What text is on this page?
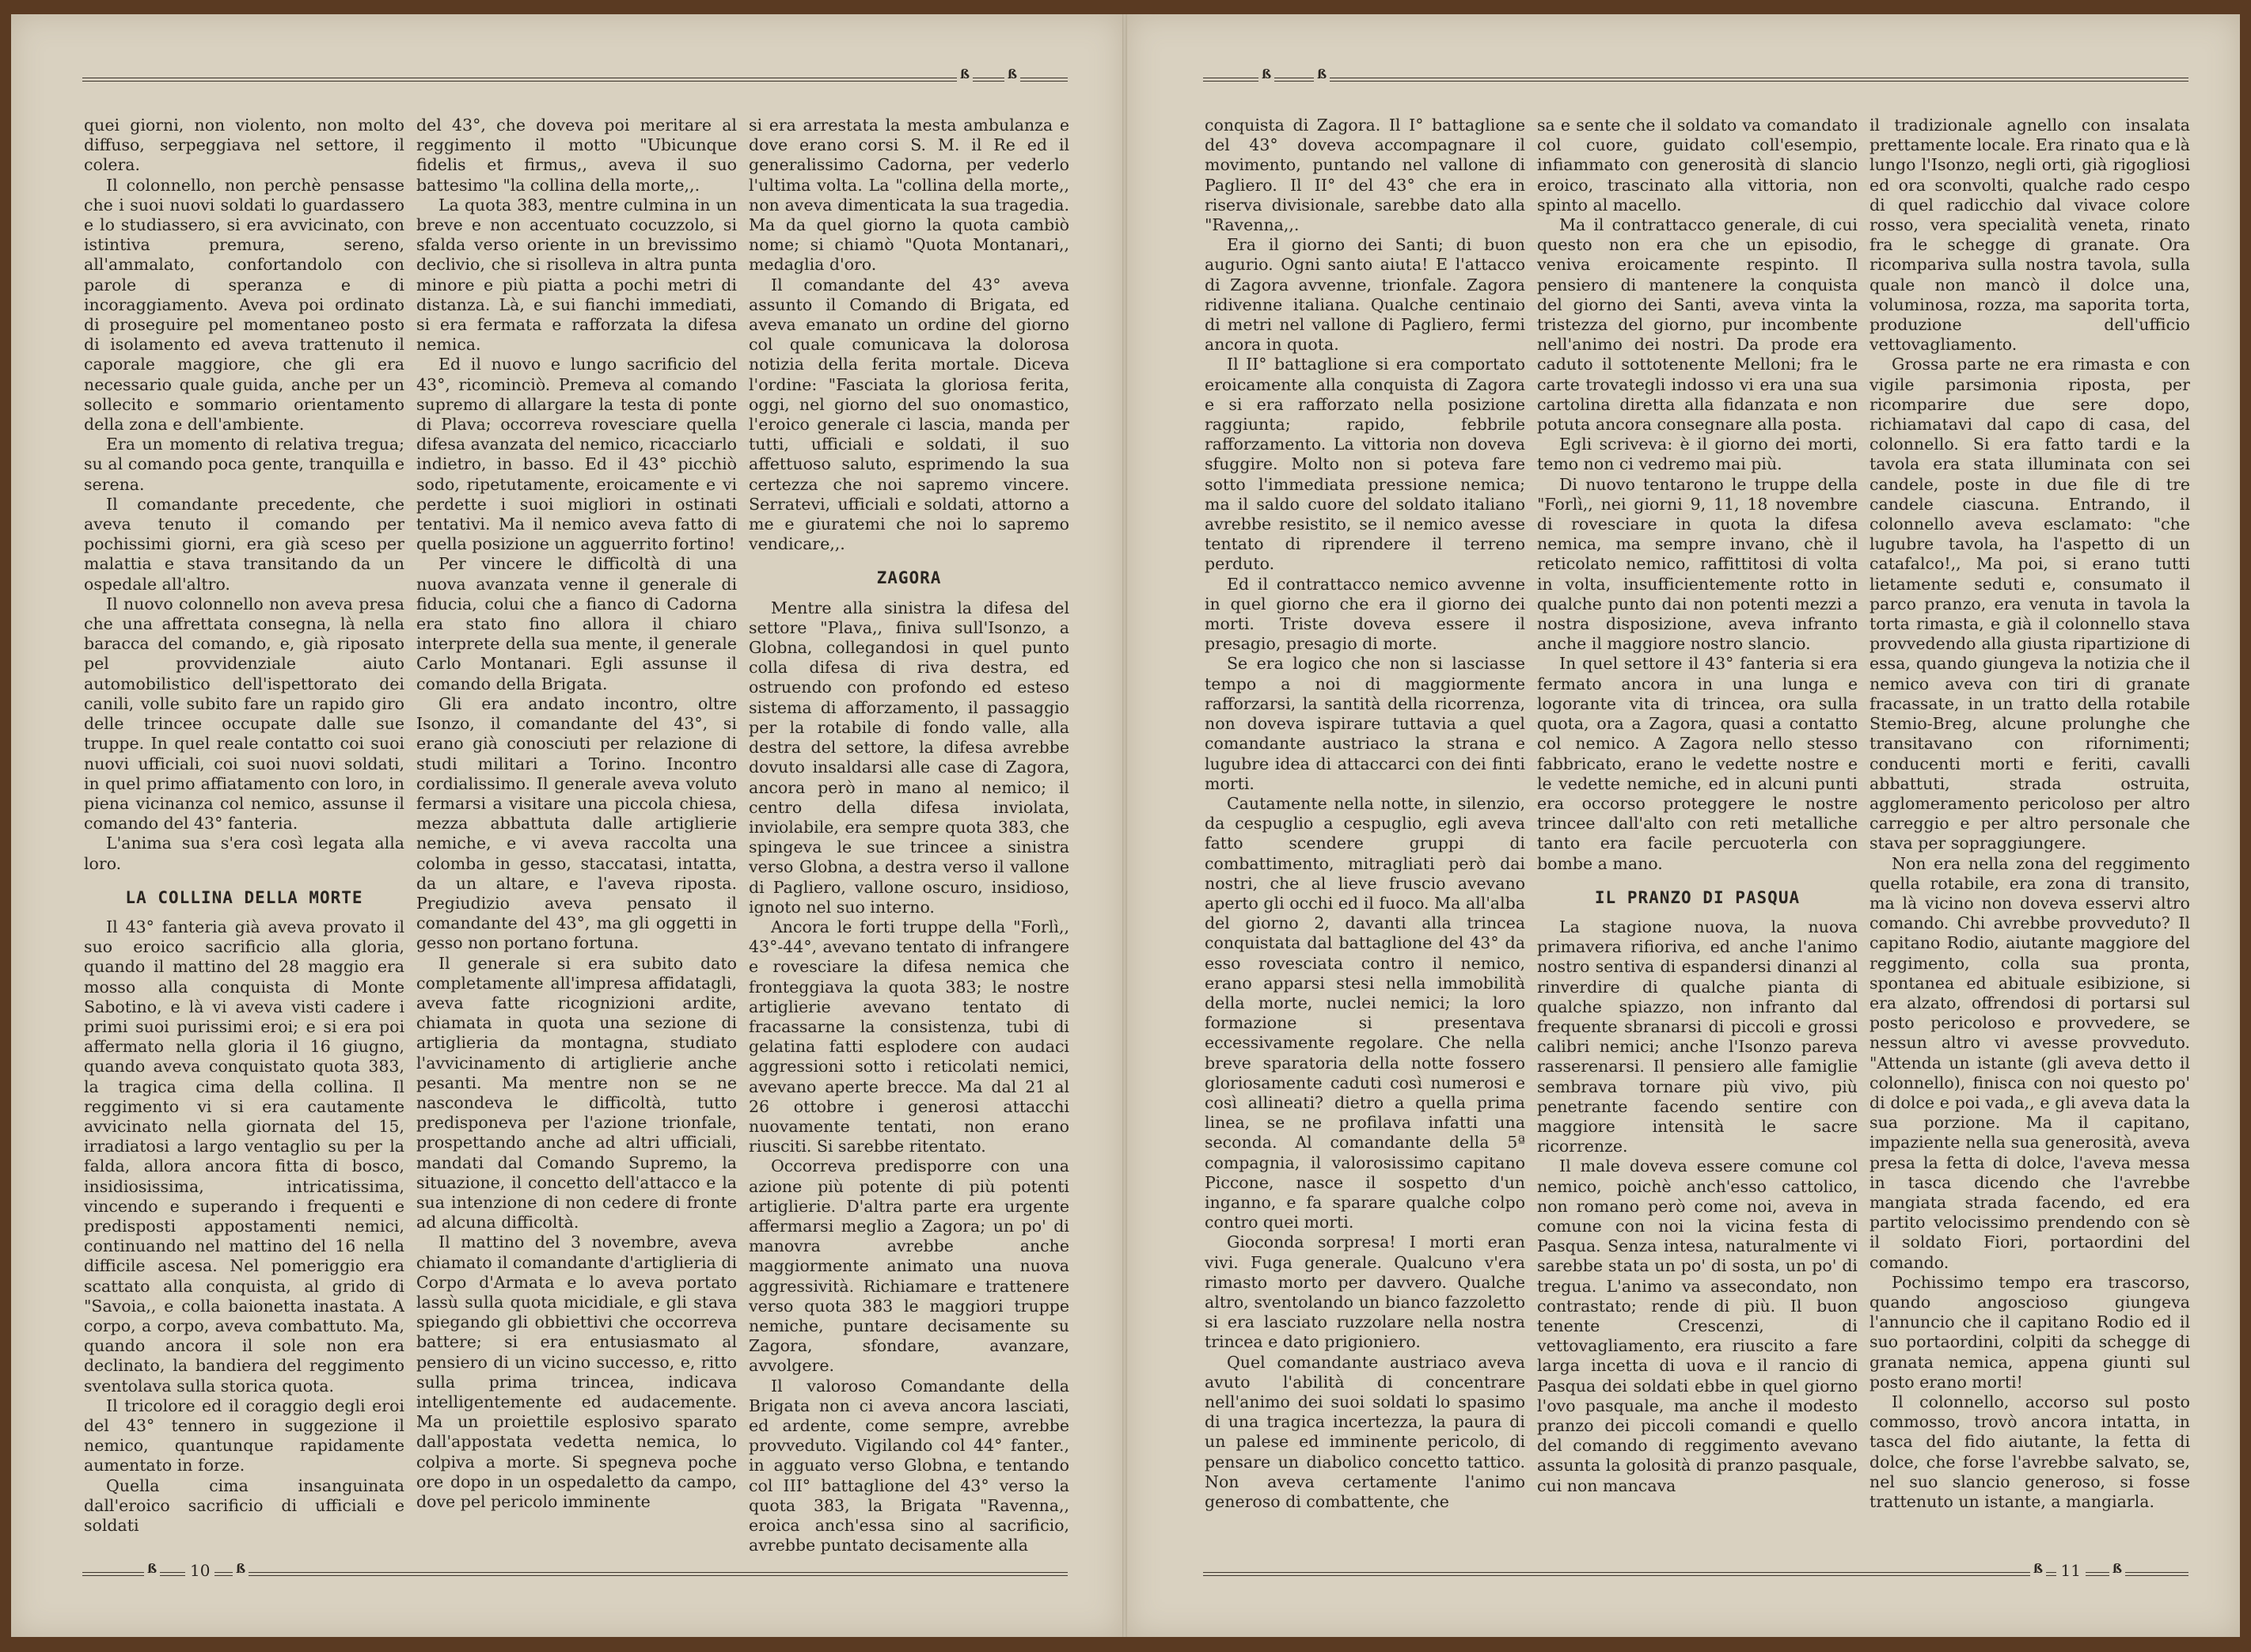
ß	ß

quei giorni, non violento, non molto diffuso, serpeggiava nel settore, il colera.

Il colonnello, non perchè pensasse che i suoi nuovi soldati lo guardassero e lo studiassero, si era avvicinato, con istintiva premura, sereno, all'ammalato, confortandolo con parole di speranza e di incoraggiamento. Aveva poi ordinato di proseguire pel momentaneo posto di isolamento ed aveva trattenuto il caporale maggiore, che gli era necessario quale guida, anche per un sollecito e sommario orientamento della zona e dell'ambiente.

Era un momento di relativa tregua; su al comando poca gente, tranquilla e serena.

Il comandante precedente, che aveva tenuto il comando per pochissimi giorni, era già sceso per malattia e stava transitando da un ospedale all'altro.

Il nuovo colonnello non aveva presa che una affrettata consegna, là nella baracca del comando, e, già riposato pel provvidenziale aiuto automobilistico dell'ispettorato dei canili, volle subito fare un rapido giro delle trincee occupate dalle sue truppe. In quel reale contatto coi suoi nuovi ufficiali, coi suoi nuovi soldati, in quel primo affiatamento con loro, in piena vicinanza col nemico, assunse il comando del 43° fanteria.

L'anima sua s'era così legata alla loro.

LA COLLINA DELLA MORTE

Il 43° fanteria già aveva provato il suo eroico sacrificio alla gloria, quando il mattino del 28 maggio era mosso alla conquista di Monte Sabotino, e là vi aveva visti cadere i primi suoi purissimi eroi; e si era poi affermato nella gloria il 16 giugno, quando aveva conquistato quota 383, la tragica cima della collina. Il reggimento vi si era cautamente avvicinato nella giornata del 15, irradiatosi a largo ventaglio su per la falda, allora ancora fitta di bosco, insidiosissima, intricatissima, vincendo e superando i frequenti e predisposti appostamenti nemici, continuando nel mattino del 16 nella difficile ascesa. Nel pomeriggio era scattato alla conquista, al grido di "Savoia,, e colla baionetta inastata. A corpo, a corpo, aveva combattuto. Ma, quando ancora il sole non era declinato, la bandiera del reggimento sventolava sulla storica quota.

Il tricolore ed il coraggio degli eroi del 43° tennero in suggezione il nemico, quantunque rapidamente aumentato in forze.

Quella cima insanguinata dall'eroico sacrificio di ufficiali e soldati

del 43°, che doveva poi meritare al reggimento il motto "Ubicunque fidelis et firmus,, aveva il suo battesimo "la collina della morte,,.

La quota 383, mentre culmina in un breve e non accentuato cocuzzolo, si sfalda verso oriente in un brevissimo declivio, che si risolleva in altra punta minore e più piatta a pochi metri di distanza. Là, e sui fianchi immediati, si era fermata e rafforzata la difesa nemica.

Ed il nuovo e lungo sacrificio del 43°, ricominciò. Premeva al comando supremo di allargare la testa di ponte di Plava; occorreva rovesciare quella difesa avanzata del nemico, ricacciarlo indietro, in basso. Ed il 43° picchiò sodo, ripetutamente, eroicamente e vi perdette i suoi migliori in ostinati tentativi. Ma il nemico aveva fatto di quella posizione un agguerrito fortino!

Per vincere le difficoltà di una nuova avanzata venne il generale di fiducia, colui che a fianco di Cadorna era stato fino allora il chiaro interprete della sua mente, il generale Carlo Montanari. Egli assunse il comando della Brigata.

Gli era andato incontro, oltre Isonzo, il comandante del 43°, si erano già conosciuti per relazione di studi militari a Torino. Incontro cordialissimo. Il generale aveva voluto fermarsi a visitare una piccola chiesa, mezza abbattuta dalle artiglierie nemiche, e vi aveva raccolta una colomba in gesso, staccatasi, intatta, da un altare, e l'aveva riposta. Pregiudizio aveva pensato il comandante del 43°, ma gli oggetti in gesso non portano fortuna.

Il generale si era subito dato completamente all'impresa affidatagli, aveva fatte ricognizioni ardite, chiamata in quota una sezione di artiglieria da montagna, studiato l'avvicinamento di artiglierie anche pesanti. Ma mentre non se ne nascondeva le difficoltà, tutto predisponeva per l'azione trionfale, prospettando anche ad altri ufficiali, mandati dal Comando Supremo, la situazione, il concetto dell'attacco e la sua intenzione di non cedere di fronte ad alcuna difficoltà.

Il mattino del 3 novembre, aveva chiamato il comandante d'artiglieria di Corpo d'Armata e lo aveva portato lassù sulla quota micidiale, e gli stava spiegando gli obbiettivi che occorreva battere; si era entusiasmato al pensiero di un vicino successo, e, ritto sulla prima trincea, indicava intelligentemente ed audacemente. Ma un proiettile esplosivo sparato dall'appostata vedetta nemica, lo colpiva a morte. Si spegneva poche ore dopo in un ospedaletto da campo, dove pel pericolo imminente

si era arrestata la mesta ambulanza e dove erano corsi S. M. il Re ed il generalissimo Cadorna, per vederlo l'ultima volta. La "collina della morte,, non aveva dimenticata la sua tragedia. Ma da quel giorno la quota cambiò nome; si chiamò "Quota Montanari,, medaglia d'oro.

Il comandante del 43° aveva assunto il Comando di Brigata, ed aveva emanato un ordine del giorno col quale comunicava la dolorosa notizia della ferita mortale. Diceva l'ordine: "Fasciata la gloriosa ferita, oggi, nel giorno del suo onomastico, l'eroico generale ci lascia, manda per tutti, ufficiali e soldati, il suo affettuoso saluto, esprimendo la sua certezza che noi sapremo vincere. Serratevi, ufficiali e soldati, attorno a me e giuratemi che noi lo sapremo vendicare,,.

ZAGORA

Mentre alla sinistra la difesa del settore "Plava,, finiva sull'Isonzo, a Globna, collegandosi in quel punto colla difesa di riva destra, ed ostruendo con profondo ed esteso sistema di afforzamento, il passaggio per la rotabile di fondo valle, alla destra del settore, la difesa avrebbe dovuto insaldarsi alle case di Zagora, ancora però in mano al nemico; il centro della difesa inviolata, inviolabile, era sempre quota 383, che spingeva le sue trincee a sinistra verso Globna, a destra verso il vallone di Pagliero, vallone oscuro, insidioso, ignoto nel suo interno.

Ancora le forti truppe della "Forlì,, 43°-44°, avevano tentato di infrangere e rovesciare la difesa nemica che fronteggiava la quota 383; le nostre artiglierie avevano tentato di fracassarne la consistenza, tubi di gelatina fatti esplodere con audaci aggressioni sotto i reticolati nemici, avevano aperte brecce. Ma dal 21 al 26 ottobre i generosi attacchi nuovamente tentati, non erano riusciti. Si sarebbe ritentato.

Occorreva predisporre con una azione più potente di più potenti artiglierie. D'altra parte era urgente affermarsi meglio a Zagora; un po' di manovra avrebbe anche maggiormente animato una nuova aggressività. Richiamare e trattenere verso quota 383 le maggiori truppe nemiche, puntare decisamente su Zagora, sfondare, avanzare, avvolgere.

Il valoroso Comandante della Brigata non ci aveva ancora lasciati, ed ardente, come sempre, avrebbe provveduto. Vigilando col 44° fanter., in agguato verso Globna, e tentando col III° battaglione del 43° verso la quota 383, la Brigata "Ravenna,, eroica anch'essa sino al sacrificio, avrebbe puntato decisamente alla

ß	10	ß
ß	ß

conquista di Zagora. Il I° battaglione del 43° doveva accompagnare il movimento, puntando nel vallone di Pagliero. Il II° del 43° che era in riserva divisionale, sarebbe dato alla "Ravenna,,.

Era il giorno dei Santi; di buon augurio. Ogni santo aiuta! E l'attacco di Zagora avvenne, trionfale. Zagora ridivenne italiana. Qualche centinaio di metri nel vallone di Pagliero, fermi ancora in quota.

Il II° battaglione si era comportato eroicamente alla conquista di Zagora e si era rafforzato nella posizione raggiunta; rapido, febbrile rafforzamento. La vittoria non doveva sfuggire. Molto non si poteva fare sotto l'immediata pressione nemica; ma il saldo cuore del soldato italiano avrebbe resistito, se il nemico avesse tentato di riprendere il terreno perduto.

Ed il contrattacco nemico avvenne in quel giorno che era il giorno dei morti. Triste doveva essere il presagio, presagio di morte.

Se era logico che non si lasciasse tempo a noi di maggiormente rafforzarsi, la santità della ricorrenza, non doveva ispirare tuttavia a quel comandante austriaco la strana e lugubre idea di attaccarci con dei finti morti.

Cautamente nella notte, in silenzio, da cespuglio a cespuglio, egli aveva fatto scendere gruppi di combattimento, mitragliati però dai nostri, che al lieve fruscio avevano aperto gli occhi ed il fuoco. Ma all'alba del giorno 2, davanti alla trincea conquistata dal battaglione del 43° da esso rovesciata contro il nemico, erano apparsi stesi nella immobilità della morte, nuclei nemici; la loro formazione si presentava eccessivamente regolare. Che nella breve sparatoria della notte fossero gloriosamente caduti così numerosi e così allineati? dietro a quella prima linea, se ne profilava infatti una seconda. Al comandante della 5ª compagnia, il valorosissimo capitano Piccone, nasce il sospetto d'un inganno, e fa sparare qualche colpo contro quei morti.

Gioconda sorpresa! I morti eran vivi. Fuga generale. Qualcuno v'era rimasto morto per davvero. Qualche altro, sventolando un bianco fazzoletto si era lasciato ruzzolare nella nostra trincea e dato prigioniero.

Quel comandante austriaco aveva avuto l'abilità di concentrare nell'animo dei suoi soldati lo spasimo di una tragica incertezza, la paura di un palese ed imminente pericolo, di pensare un diabolico concetto tattico. Non aveva certamente l'animo generoso di combattente, che

sa e sente che il soldato va comandato col cuore, guidato coll'esempio, infiammato con generosità di slancio eroico, trascinato alla vittoria, non spinto al macello.

Ma il contrattacco generale, di cui questo non era che un episodio, veniva eroicamente respinto. Il pensiero di mantenere la conquista del giorno dei Santi, aveva vinta la tristezza del giorno, pur incombente nell'animo dei nostri. Da prode era caduto il sottotenente Melloni; fra le carte trovategli indosso vi era una sua cartolina diretta alla fidanzata e non potuta ancora consegnare alla posta.

Egli scriveva: è il giorno dei morti, temo non ci vedremo mai più.

Di nuovo tentarono le truppe della "Forlì,, nei giorni 9, 11, 18 novembre di rovesciare in quota la difesa nemica, ma sempre invano, chè il reticolato nemico, raffittitosi di volta in volta, insufficientemente rotto in qualche punto dai non potenti mezzi a nostra disposizione, aveva infranto anche il maggiore nostro slancio.

In quel settore il 43° fanteria si era fermato ancora in una lunga e logorante vita di trincea, ora sulla quota, ora a Zagora, quasi a contatto col nemico. A Zagora nello stesso fabbricato, erano le vedette nostre e le vedette nemiche, ed in alcuni punti era occorso proteggere le nostre trincee dall'alto con reti metalliche tanto era facile percuoterla con bombe a mano.

IL PRANZO DI PASQUA

La stagione nuova, la nuova primavera rifioriva, ed anche l'animo nostro sentiva di espandersi dinanzi al rinverdire di qualche pianta di qualche spiazzo, non infranto dal frequente sbranarsi di piccoli e grossi calibri nemici; anche l'Isonzo pareva rasserenarsi. Il pensiero alle famiglie sembrava tornare più vivo, più penetrante facendo sentire con maggiore intensità le sacre ricorrenze.

Il male doveva essere comune col nemico, poichè anch'esso cattolico, non romano però come noi, aveva in comune con noi la vicina festa di Pasqua. Senza intesa, naturalmente vi sarebbe stata un po' di sosta, un po' di tregua. L'animo va assecondato, non contrastato; rende di più. Il buon tenente Crescenzi, di vettovagliamento, era riuscito a fare larga incetta di uova e il rancio di Pasqua dei soldati ebbe in quel giorno l'ovo pasquale, ma anche il modesto pranzo dei piccoli comandi e quello del comando di reggimento avevano assunta la golosità di pranzo pasquale, cui non mancava

il tradizionale agnello con insalata prettamente locale. Era rinato qua e là lungo l'Isonzo, negli orti, già rigogliosi ed ora sconvolti, qualche rado cespo di quel radicchio dal vivace colore rosso, vera specialità veneta, rinato fra le schegge di granate. Ora ricompariva sulla nostra tavola, sulla quale non mancò il dolce una, voluminosa, rozza, ma saporita torta, produzione dell'ufficio vettovagliamento.

Grossa parte ne era rimasta e con vigile parsimonia riposta, per ricomparire due sere dopo, richiamatavi dal capo di casa, del colonnello. Si era fatto tardi e la tavola era stata illuminata con sei candele, poste in due file di tre candele ciascuna. Entrando, il colonnello aveva esclamato: "che lugubre tavola, ha l'aspetto di un catafalco!,, Ma poi, si erano tutti lietamente seduti e, consumato il parco pranzo, era venuta in tavola la torta rimasta, e già il colonnello stava provvedendo alla giusta ripartizione di essa, quando giungeva la notizia che il nemico aveva con tiri di granate fracassate, in un tratto della rotabile Stemio-Breg, alcune prolunghe che transitavano con rifornimenti; conducenti morti e feriti, cavalli abbattuti, strada ostruita, agglomeramento pericoloso per altro carreggio e per altro personale che stava per sopraggiungere.

Non era nella zona del reggimento quella rotabile, era zona di transito, ma là vicino non doveva esservi altro comando. Chi avrebbe provveduto? Il capitano Rodio, aiutante maggiore del reggimento, colla sua pronta, spontanea ed abituale esibizione, si era alzato, offrendosi di portarsi sul posto pericoloso e provvedere, se nessun altro vi avesse provveduto. "Attenda un istante (gli aveva detto il colonnello), finisca con noi questo po' di dolce e poi vada,, e gli aveva data la sua porzione. Ma il capitano, impaziente nella sua generosità, aveva presa la fetta di dolce, l'aveva messa in tasca dicendo che l'avrebbe mangiata strada facendo, ed era partito velocissimo prendendo con sè il soldato Fiori, portaordini del comando.

Pochissimo tempo era trascorso, quando angoscioso giungeva l'annuncio che il capitano Rodio ed il suo portaordini, colpiti da schegge di granata nemica, appena giunti sul posto erano morti!

Il colonnello, accorso sul posto commosso, trovò ancora intatta, in tasca del fido aiutante, la fetta di dolce, che forse l'avrebbe salvato, se, nel suo slancio generoso, si fosse trattenuto un istante, a mangiarla.

ß	11	ß
